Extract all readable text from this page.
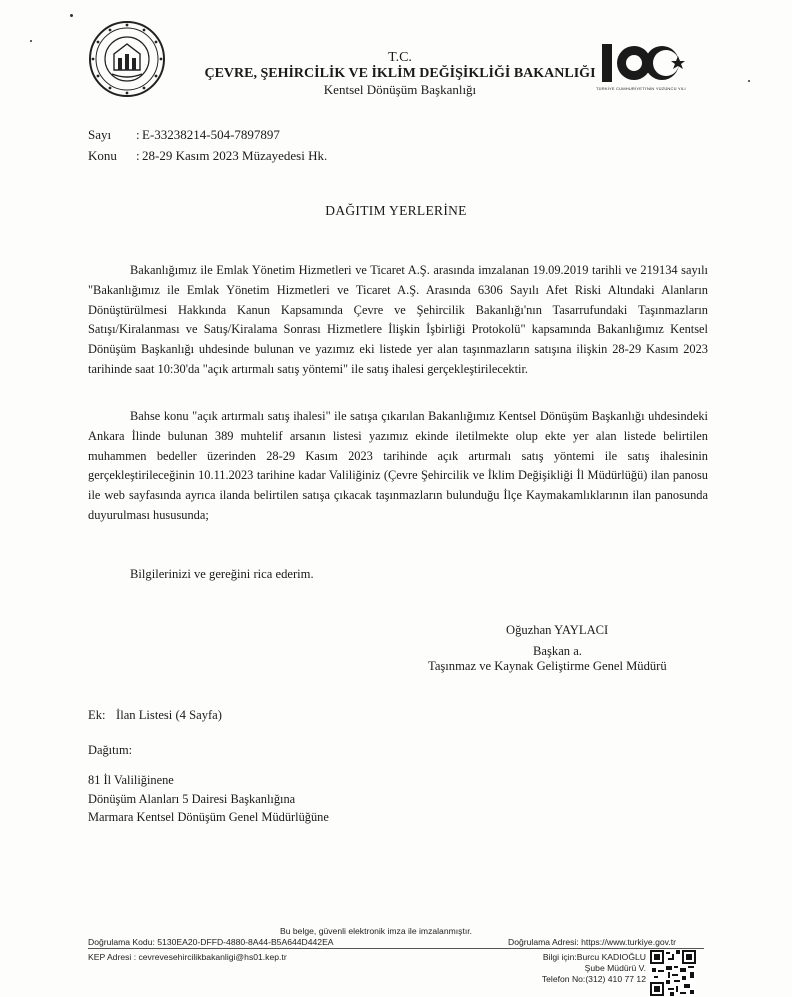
T.C.
ÇEVRE, ŞEHİRCİLİK VE İKLİM DEĞİŞİKLİĞİ BAKANLIĞI
Kentsel Dönüşüm Başkanlığı	TÜRKİYE CUMHURİYETİ'NİN YÜZÜNCÜ YILI
Sayı : E-33238214-504-7897897
Konu : 28-29 Kasım 2023 Müzayedesi Hk.
DAĞITIM YERLERİNE
Bakanlığımız ile Emlak Yönetim Hizmetleri ve Ticaret A.Ş. arasında imzalanan 19.09.2019 tarihli ve 219134 sayılı "Bakanlığımız ile Emlak Yönetim Hizmetleri ve Ticaret A.Ş. Arasında 6306 Sayılı Afet Riski Altındaki Alanların Dönüştürülmesi Hakkında Kanun Kapsamında Çevre ve Şehircilik Bakanlığı'nın Tasarrufundaki Taşınmazların Satışı/Kiralanması ve Satış/Kiralama Sonrası Hizmetlere İlişkin İşbirliği Protokolü" kapsamında Bakanlığımız Kentsel Dönüşüm Başkanlığı uhdesinde bulunan ve yazımız eki listede yer alan taşınmazların satışına ilişkin 28-29 Kasım 2023 tarihinde saat 10:30'da "açık artırmalı satış yöntemi" ile satış ihalesi gerçekleştirilecektir.
Bahse konu "açık artırmalı satış ihalesi" ile satışa çıkarılan Bakanlığımız Kentsel Dönüşüm Başkanlığı uhdesindeki Ankara İlinde bulunan 389 muhtelif arsanın listesi yazımız ekinde iletilmekte olup ekte yer alan listede belirtilen muhammen bedeller üzerinden 28-29 Kasım 2023 tarihinde açık artırmalı satış yöntemi ile satış ihalesinin gerçekleştirileceğinin 10.11.2023 tarihine kadar Valiliğiniz (Çevre Şehircilik ve İklim Değişikliği İl Müdürlüğü) ilan panosu ile web sayfasında ayrıca ilanda belirtilen satışa çıkacak taşınmazların bulunduğu İlçe Kaymakamlıklarının ilan panosunda duyurulması hususunda;
Bilgilerinizi ve gereğini rica ederim.
Oğuzhan YAYLACI
Başkan a.
Taşınmaz ve Kaynak Geliştirme Genel Müdürü
Ek: İlan Listesi (4 Sayfa)
Dağıtım:
81 İl Valiliğinene
Dönüşüm Alanları 5 Dairesi Başkanlığına
Marmara Kentsel Dönüşüm Genel Müdürlüğüne
Bu belge, güvenli elektronik imza ile imzalanmıştır.
Doğrulama Kodu: 5130EA20-DFFD-4880-8A44-B5A644D442EA	Doğrulama Adresi: https://www.turkiye.gov.tr
KEP Adresi : cevrevesehircilikbakanligi@hs01.kep.tr	Bilgi için:Burcu KADIOĞLU
Şube Müdürü V.
Telefon No:(312) 410 77 12
